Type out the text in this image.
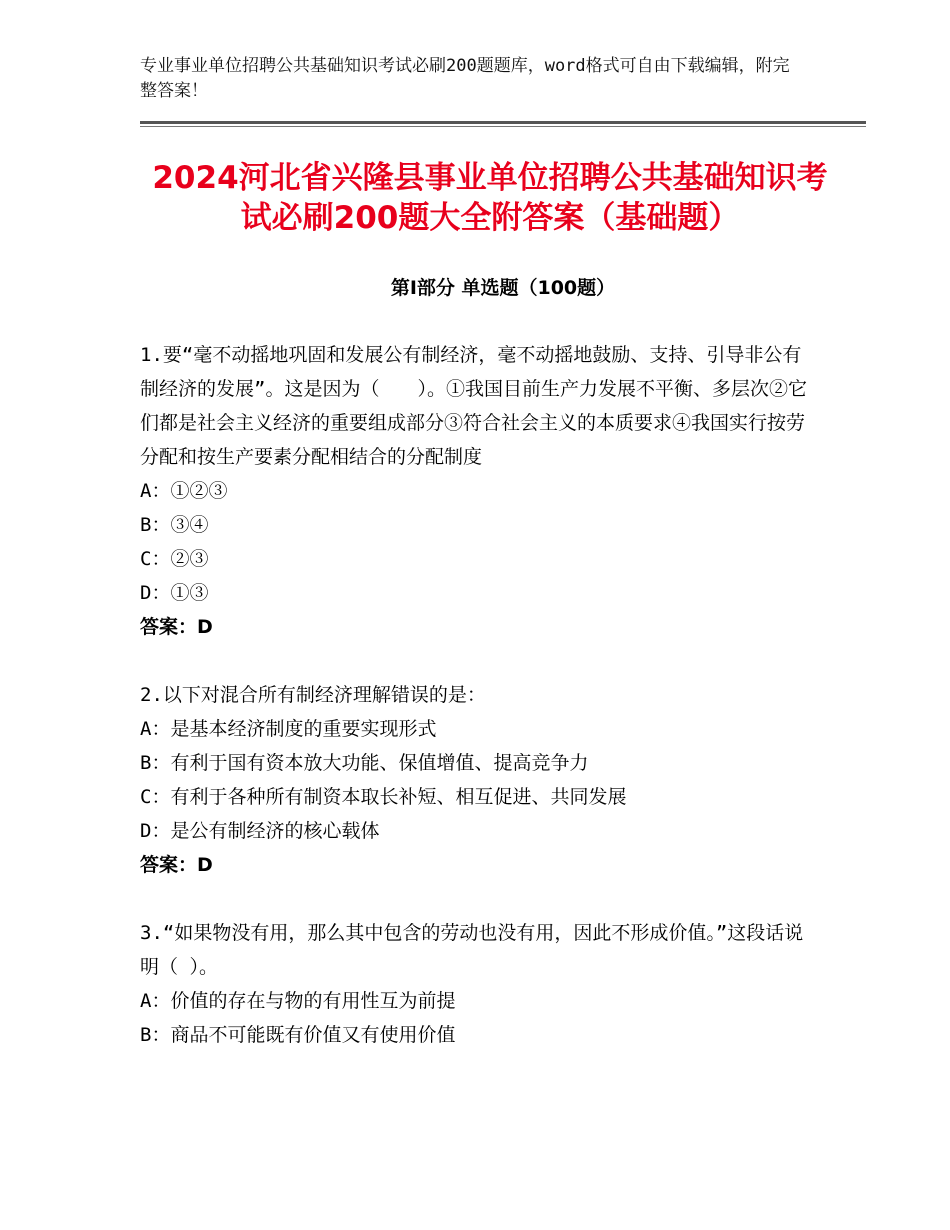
专业事业单位招聘公共基础知识考试必刷200题题库，word格式可自由下载编辑，附完整答案！
2024河北省兴隆县事业单位招聘公共基础知识考试必刷200题大全附答案（基础题）
第Ⅰ部分 单选题（100题）

1.要“毫不动摇地巩固和发展公有制经济，毫不动摇地鼓励、支持、引导非公有制经济的发展”。这是因为（　　）。①我国目前生产力发展不平衡、多层次②它们都是社会主义经济的重要组成部分③符合社会主义的本质要求④我国实行按劳分配和按生产要素分配相结合的分配制度

A：①②③

B：③④

C：②③

D：①③

答案：D

2.以下对混合所有制经济理解错误的是：

A：是基本经济制度的重要实现形式

B：有利于国有资本放大功能、保值增值、提高竞争力

C：有利于各种所有制资本取长补短、相互促进、共同发展

D：是公有制经济的核心载体

答案：D

3.“如果物没有用，那么其中包含的劳动也没有用，因此不形成价值。”这段话说明（ ）。

A：价值的存在与物的有用性互为前提

B：商品不可能既有价值又有使用价值
